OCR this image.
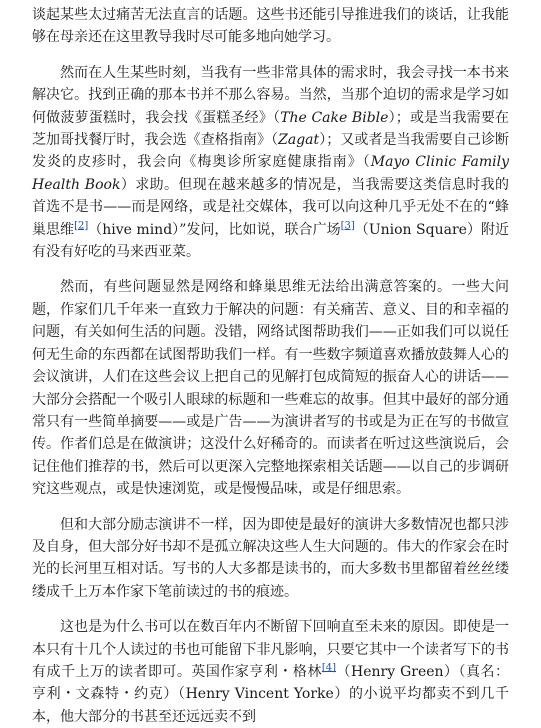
谈起某些太过痛苦无法直言的话题。这些书还能引导推进我们的谈话，让我能够在母亲还在这里教导我时尽可能多地向她学习。

然而在人生某些时刻，当我有一些非常具体的需求时，我会寻找一本书来解决它。找到正确的那本书并不那么容易。当然，当那个迫切的需求是学习如何做菠萝蛋糕时，我会找《蛋糕圣经》（The Cake Bible）；或是当我需要在芝加哥找餐厅时，我会选《查格指南》（Zagat）；又或者是当我需要自己诊断发炎的皮疹时，我会向《梅奥诊所家庭健康指南》（Mayo Clinic Family Health Book）求助。但现在越来越多的情况是，当我需要这类信息时我的首选不是书——而是网络，或是社交媒体，我可以向这种几乎无处不在的“蜂巢思维[2]（hive mind）”发问，比如说，联合广场[3]（Union Square）附近有没有好吃的马来西亚菜。

然而，有些问题显然是网络和蜂巢思维无法给出满意答案的。一些大问题，作家们几千年来一直致力于解决的问题：有关痛苦、意义、目的和幸福的问题，有关如何生活的问题。没错，网络试图帮助我们——正如我们可以说任何无生命的东西都在试图帮助我们一样。有一些数字频道喜欢播放鼓舞人心的会议演讲，人们在这些会议上把自己的见解打包成简短的振奋人心的讲话——大部分会搭配一个吸引人眼球的标题和一些难忘的故事。但其中最好的部分通常只有一些简单摘要——或是广告——为演讲者写的书或是为正在写的书做宣传。作者们总是在做演讲；这没什么好稀奇的。而读者在听过这些演说后，会记住他们推荐的书，然后可以更深入完整地探索相关话题——以自己的步调研究这些观点，或是快速浏览，或是慢慢品味，或是仔细思索。

但和大部分励志演讲不一样，因为即使是最好的演讲大多数情况也都只涉及自身，但大部分好书却不是孤立解决这些人生大问题的。伟大的作家会在时光的长河里互相对话。写书的人大多都是读书的，而大多数书里都留着丝丝缕缕成千上万本作家下笔前读过的书的痕迹。

这也是为什么书可以在数百年内不断留下回响直至未来的原因。即使是一本只有十几个人读过的书也可能留下非凡影响，只要它其中一个读者写下的书有成千上万的读者即可。英国作家亨利・格林[4]（Henry Green）（真名：亨利・文森特・约克）（Henry Vincent Yorke）的小说平均都卖不到几千本，他大部分的书甚至还远远卖不到
